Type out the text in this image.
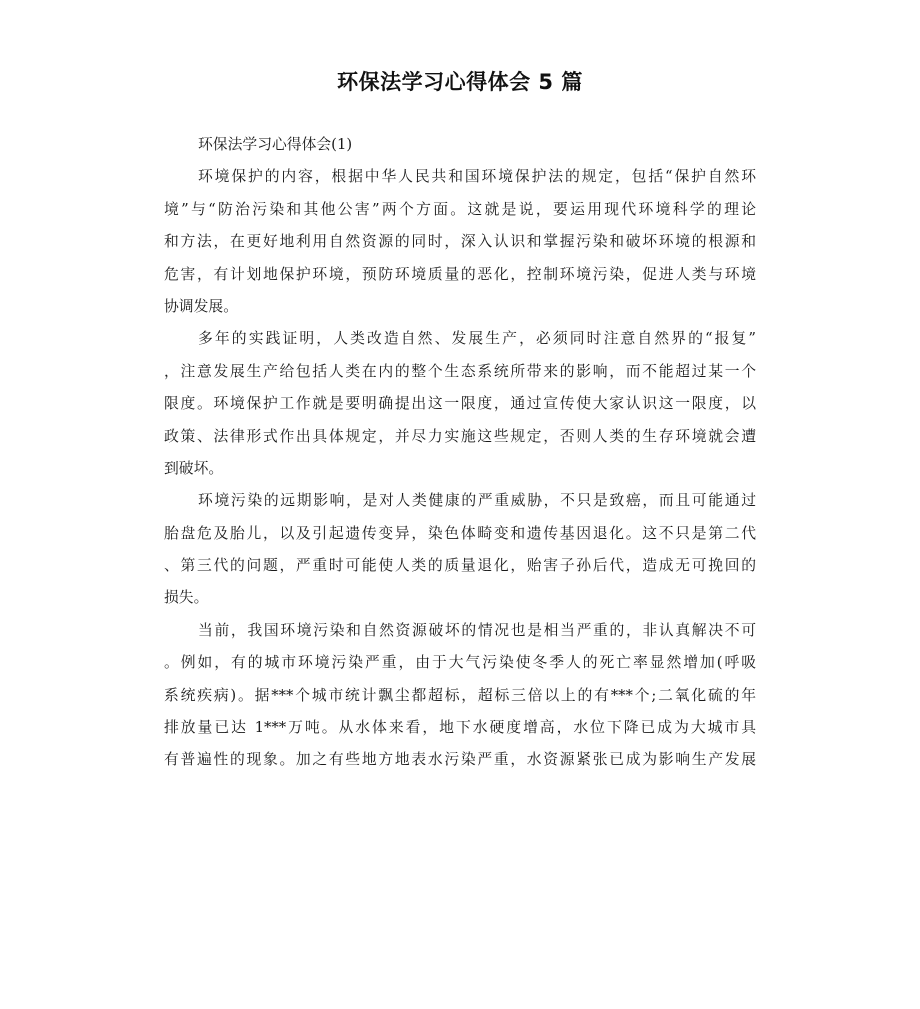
环保法学习心得体会 5 篇
环保法学习心得体会(1)
环境保护的内容，根据中华人民共和国环境保护法的规定，包括“保护自然环
境”与“防治污染和其他公害”两个方面。这就是说，要运用现代环境科学的理论
和方法，在更好地利用自然资源的同时，深入认识和掌握污染和破坏环境的根源和
危害，有计划地保护环境，预防环境质量的恶化，控制环境污染，促进人类与环境
协调发展。
多年的实践证明，人类改造自然、发展生产，必须同时注意自然界的“报复”
，注意发展生产给包括人类在内的整个生态系统所带来的影响，而不能超过某一个
限度。环境保护工作就是要明确提出这一限度，通过宣传使大家认识这一限度，以
政策、法律形式作出具体规定，并尽力实施这些规定，否则人类的生存环境就会遭
到破坏。
环境污染的远期影响，是对人类健康的严重威胁，不只是致癌，而且可能通过
胎盘危及胎儿，以及引起遗传变异，染色体畸变和遗传基因退化。这不只是第二代
、第三代的问题，严重时可能使人类的质量退化，贻害子孙后代，造成无可挽回的
损失。
当前，我国环境污染和自然资源破坏的情况也是相当严重的，非认真解决不可
。例如，有的城市环境污染严重，由于大气污染使冬季人的死亡率显然增加(呼吸
系统疾病)。据***个城市统计飘尘都超标，超标三倍以上的有***个;二氧化硫的年
排放量已达 1***万吨。从水体来看，地下水硬度增高，水位下降已成为大城市具
有普遍性的现象。加之有些地方地表水污染严重，水资源紧张已成为影响生产发展
